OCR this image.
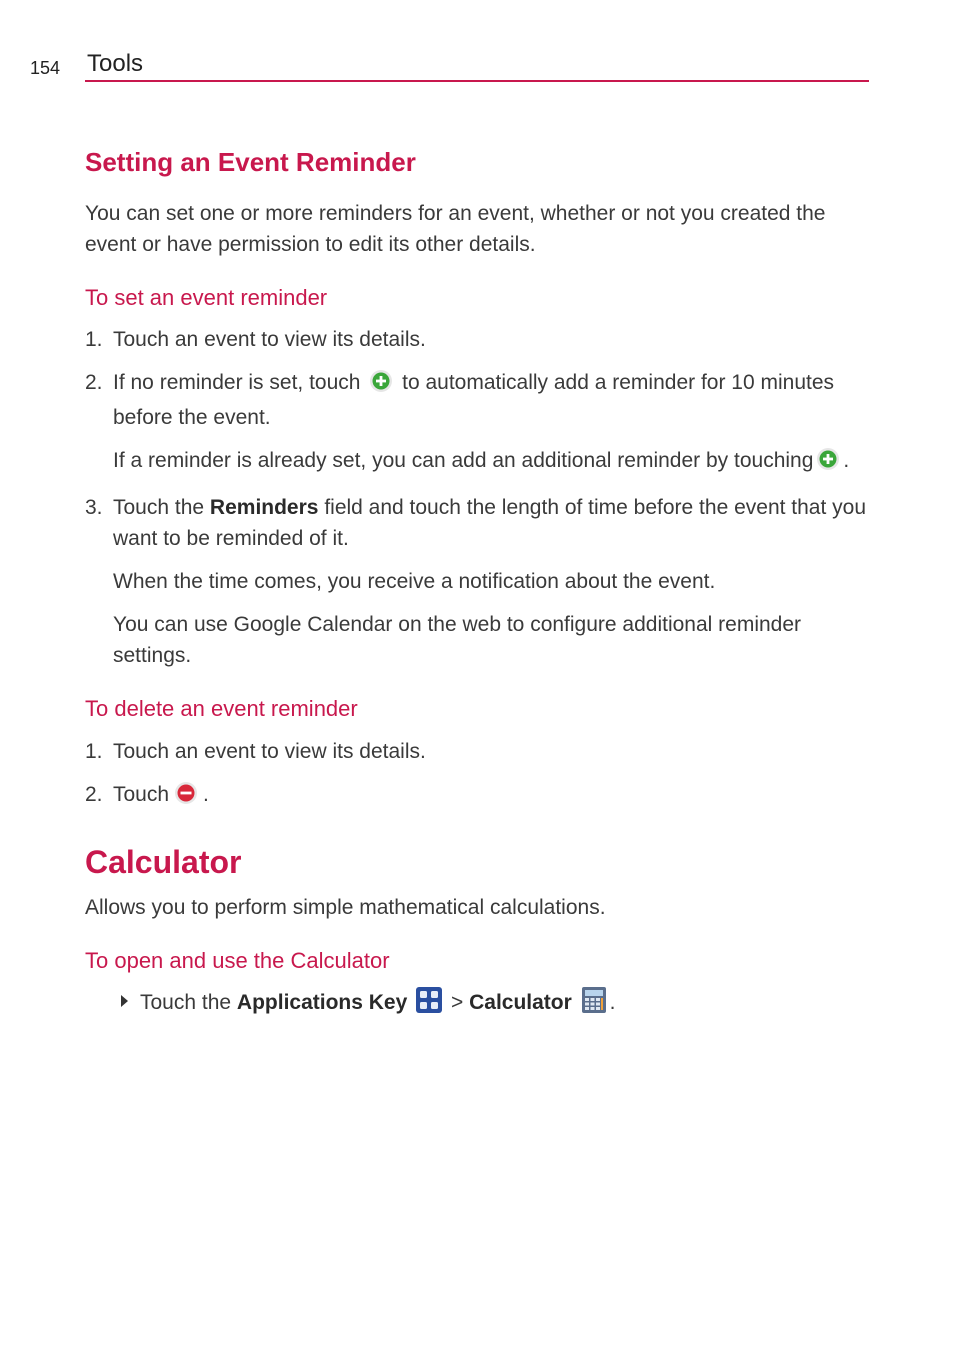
154 Tools
Setting an Event Reminder

You can set one or more reminders for an event, whether or not you created the event or have permission to edit its other details.

To set an event reminder
1. Touch an event to view its details.
2. If no reminder is set, touch to automatically add a reminder for 10 minutes before the event.

If a reminder is already set, you can add an additional reminder by touching .

3. Touch the Reminders field and touch the length of time before the event that you want to be reminded of it.

When the time comes, you receive a notification about the event.

You can use Google Calendar on the web to configure additional reminder settings.

To delete an event reminder
1. Touch an event to view its details.
2. Touch .
Calculator

Allows you to perform simple mathematical calculations.

To open and use the Calculator
Touch the Applications Key > Calculator .
